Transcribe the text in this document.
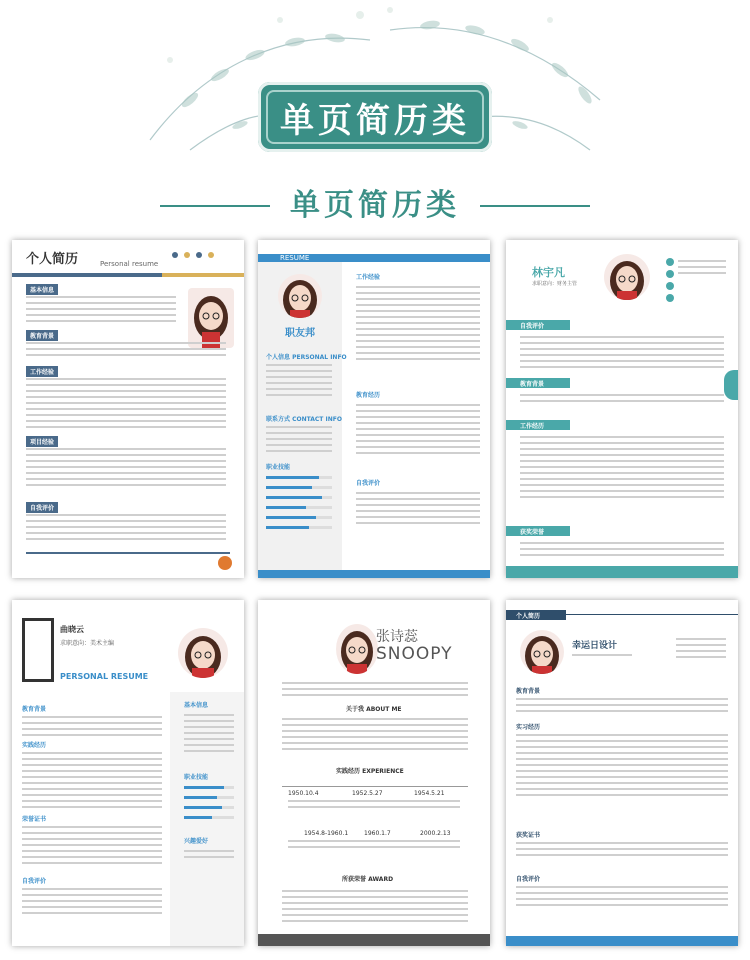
单页简历类
单页简历类
个人简历	Personal resume
基本信息
教育背景
工作经验
项目经验
自我评价
RESUME
职友邦
个人信息 PERSONAL INFO
联系方式 CONTACT INFO
职业技能
工作经验
教育经历
自我评价
林宇凡
求职意向：财务主管
自我评价
教育背景
工作经历
获奖荣誉
曲晓云
求职意向：美术主编
PERSONAL RESUME
基本信息
职业技能
兴趣爱好
教育背景
实践经历
荣誉证书
自我评价
张诗蕊
SNOOPY
关于我 ABOUT ME
实践经历 EXPERIENCE
1950.10.4	1952.5.27	1954.5.21
1954.8-1960.1	1960.1.7	2000.2.13
所获荣誉 AWARD
个人简历
幸运日设计
教育背景
实习经历
获奖证书
自我评价
